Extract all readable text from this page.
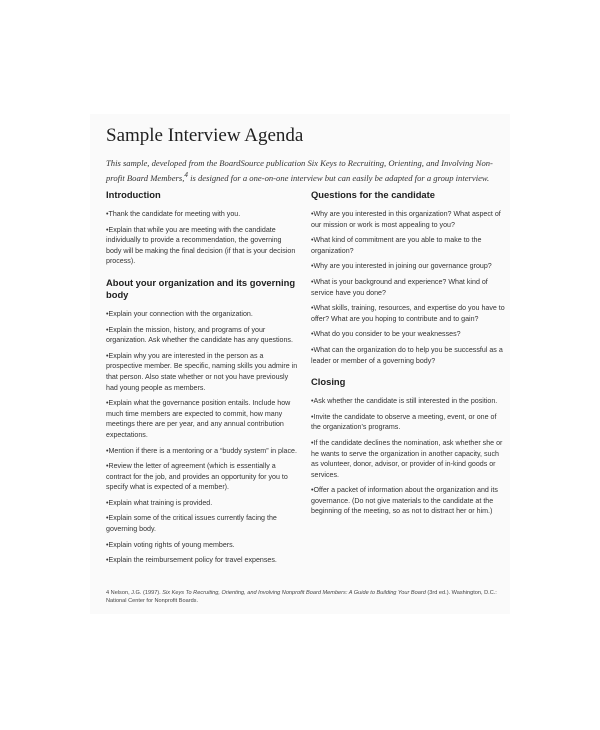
Sample Interview Agenda
This sample, developed from the BoardSource publication Six Keys to Recruiting, Orienting, and Involving Non-
profit Board Members,$^4$ is designed for a one-on-one interview but can easily be adapted for a group interview.
Introduction
• Thank the candidate for meeting with you.
• Explain that while you are meeting with the candidate individually to provide a recommendation, the governing body will be making the final decision (if that is your decision process).
About your organization and its governing body
• Explain your connection with the organization.
• Explain the mission, history, and programs of your organization. Ask whether the candidate has any questions.
• Explain why you are interested in the person as a prospective member. Be specific, naming skills you admire in that person. Also state whether or not you have previously had young people as members.
• Explain what the governance position entails. Include how much time members are expected to commit, how many meetings there are per year, and any annual contribution expectations.
• Mention if there is a mentoring or a “buddy system” in place.
• Review the letter of agreement (which is essentially a contract for the job, and provides an opportunity for you to specify what is expected of a member).
• Explain what training is provided.
• Explain some of the critical issues currently facing the governing body.
• Explain voting rights of young members.
• Explain the reimbursement policy for travel expenses.
Questions for the candidate
• Why are you interested in this organization? What aspect of our mission or work is most appealing to you?
• What kind of commitment are you able to make to the organization?
• Why are you interested in joining our governance group?
• What is your background and experience? What kind of service have you done?
• What skills, training, resources, and expertise do you have to offer? What are you hoping to contribute and to gain?
• What do you consider to be your weaknesses?
• What can the organization do to help you be successful as a leader or member of a governing body?
Closing
• Ask whether the candidate is still interested in the position.
• Invite the candidate to observe a meeting, event, or one of the organization's programs.
• If the candidate declines the nomination, ask whether she or he wants to serve the organization in another capacity, such as volunteer, donor, advisor, or provider of in-kind goods or services.
• Offer a packet of information about the organization and its governance. (Do not give materials to the candidate at the beginning of the meeting, so as not to distract her or him.)
4 Nelson, J.G. (1997). Six Keys To Recruiting, Orienting, and Involving Nonprofit Board Members: A Guide to Building Your Board (3rd ed.). Washington, D.C.: National Center for Nonprofit Boards.
